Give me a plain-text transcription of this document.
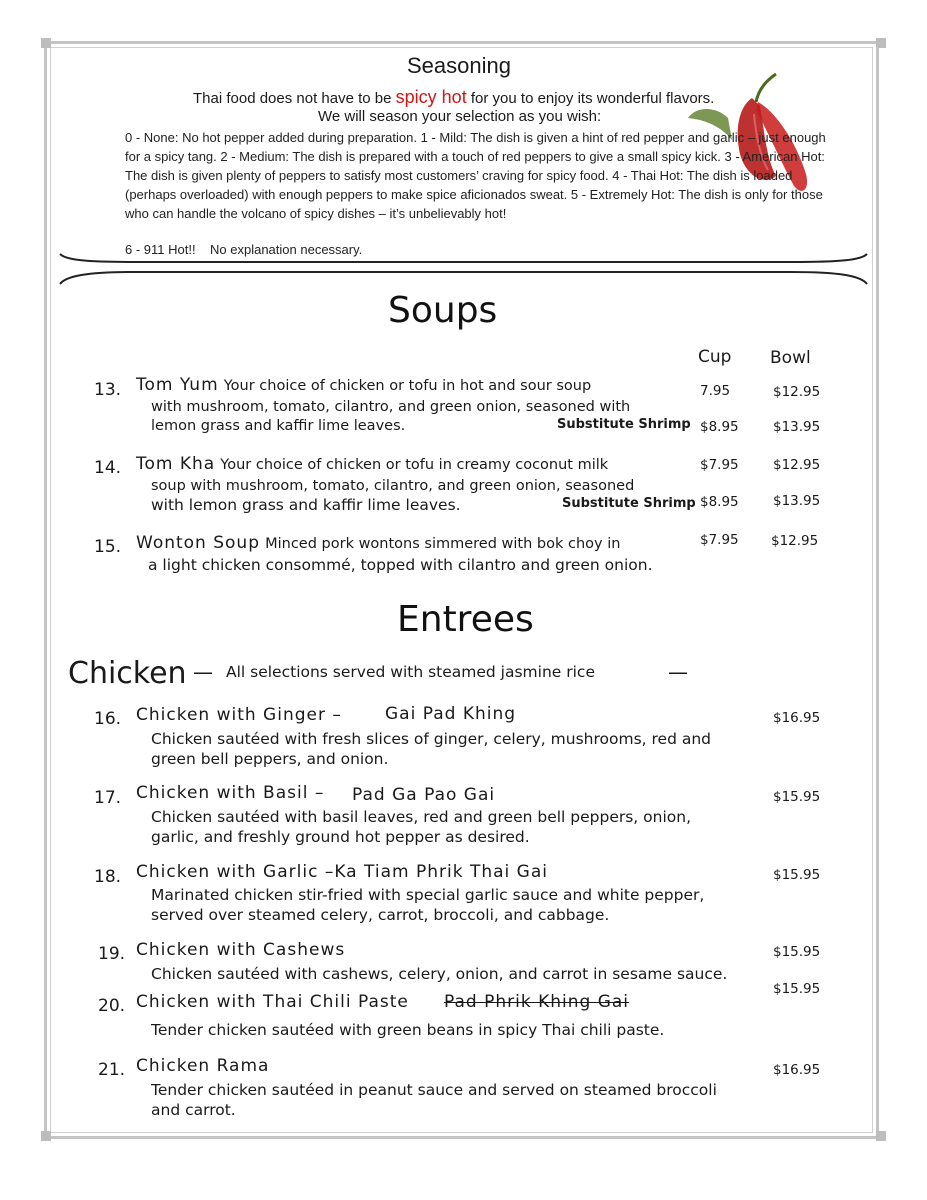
Seasoning
Thai food does not have to be spicy hot for you to enjoy its wonderful flavors.
We will season your selection as you wish:
0 - None: No hot pepper added during preparation. 1 - Mild: The dish is given a hint of red pepper and garlic – just enough for a spicy tang. 2 - Medium: The dish is prepared with a touch of red peppers to give a small spicy kick. 3 - American Hot: The dish is given plenty of peppers to satisfy most customers’ craving for spicy food. 4 - Thai Hot: The dish is loaded (perhaps overloaded) with enough peppers to make spice aficionados sweat. 5 - Extremely Hot: The dish is only for those who can handle the volcano of spicy dishes – it’s unbelievably hot!
6 - 911 Hot!!    No explanation necessary.
Soups
Cup Bowl
13. Tom Yum Your choice of chicken or tofu in hot and sour soup
with mushroom, tomato, cilantro, and green onion, seasoned with
lemon grass and kaffir lime leaves.	Substitute Shrimp
7.95	$12.95
$8.95	$13.95
14. Tom Kha Your choice of chicken or tofu in creamy coconut milk
soup with mushroom, tomato, cilantro, and green onion, seasoned
with lemon grass and kaffir lime leaves.	Substitute Shrimp
$7.95	$12.95
$8.95	$13.95
15. Wonton Soup Minced pork wontons simmered with bok choy in
a light chicken consommé, topped with cilantro and green onion.
$7.95 $12.95
Entrees
Chicken — All selections served with steamed jasmine rice	—
16. Chicken with Ginger –	Gai Pad Khing
Chicken sautéed with fresh slices of ginger, celery, mushrooms, red and
green bell peppers, and onion.
$16.95
17. Chicken with Basil – Pad Ga Pao Gai
Chicken sautéed with basil leaves, red and green bell peppers, onion,
garlic, and freshly ground hot pepper as desired.
$15.95
18. Chicken with Garlic –Ka Tiam Phrik Thai Gai
Marinated chicken stir-fried with special garlic sauce and white pepper,
served over steamed celery, carrot, broccoli, and cabbage.
$15.95
19. Chicken with Cashews
Chicken sautéed with cashews, celery, onion, and carrot in sesame sauce.
$15.95
20. Chicken with Thai Chili Paste Pad Phrik Khing Gai
Tender chicken sautéed with green beans in spicy Thai chili paste.
$15.95
21. Chicken Rama
Tender chicken sautéed in peanut sauce and served on steamed broccoli
and carrot.
$16.95
